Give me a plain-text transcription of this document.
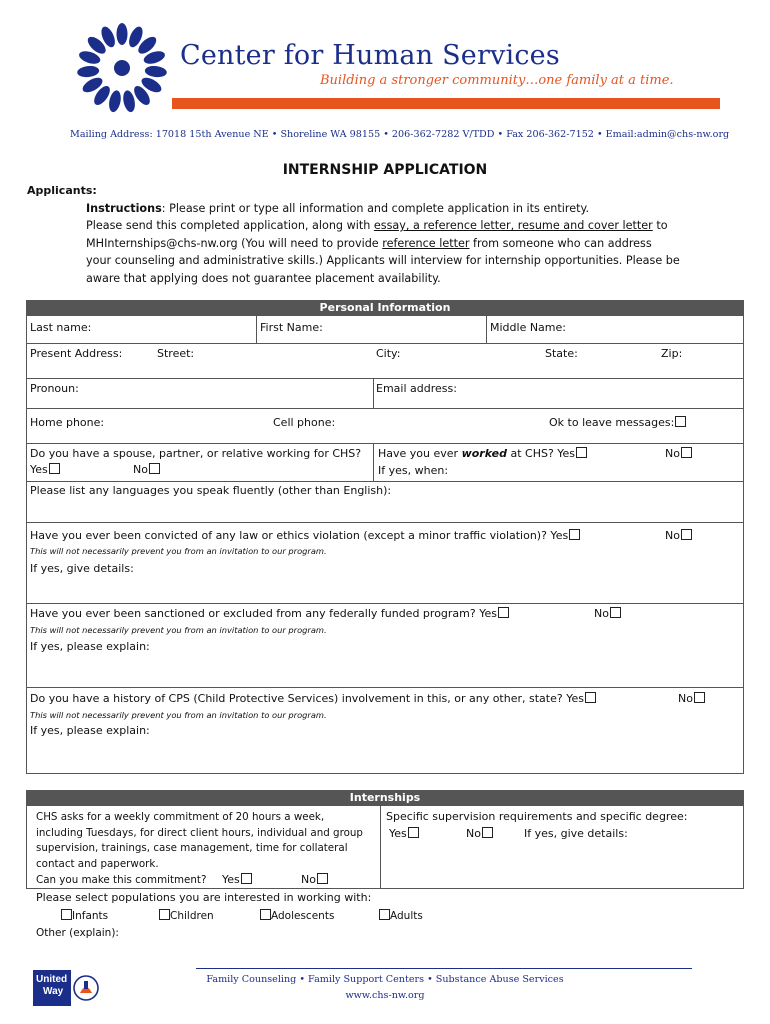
Center for Human Services
Building a stronger community…one family at a time.
Mailing Address: 17018 15th Avenue NE • Shoreline WA 98155 • 206-362-7282 V/TDD • Fax 206-362-7152 • Email:admin@chs-nw.org
INTERNSHIP APPLICATION
Applicants:
Instructions: Please print or type all information and complete application in its entirety.
Please send this completed application, along with essay, a reference letter, resume and cover letter to
MHInternships@chs-nw.org (You will need to provide reference letter from someone who can address
your counseling and administrative skills.) Applicants will interview for internship opportunities. Please be
aware that applying does not guarantee placement availability.
Personal Information
Last name:	First Name:	Middle Name:
Present Address:	Street:	City:	State:	Zip:
Pronoun:	Email address:
Home phone:	Cell phone:	Ok to leave messages:
Do you have a spouse, partner, or relative working for CHS?
Yes	No
Have you ever worked at CHS? Yes	No
If yes, when:
Please list any languages you speak fluently (other than English):
Have you ever been convicted of any law or ethics violation (except a minor traffic violation)? Yes	No
This will not necessarily prevent you from an invitation to our program.
If yes, give details:
Have you ever been sanctioned or excluded from any federally funded program? Yes	No
This will not necessarily prevent you from an invitation to our program.
If yes, please explain:
Do you have a history of CPS (Child Protective Services) involvement in this, or any other, state? Yes	No
This will not necessarily prevent you from an invitation to our program.
If yes, please explain:
Internships
CHS asks for a weekly commitment of 20 hours a week,
including Tuesdays, for direct client hours, individual and group
supervision, trainings, case management, time for collateral
contact and paperwork.
Can you make this commitment? Yes	No
Specific supervision requirements and specific degree:
Yes	No	If yes, give details:
Please select populations you are interested in working with:
Infants	Children	Adolescents	Adults
Other (explain):
United
Way
Family Counseling • Family Support Centers • Substance Abuse Services
www.chs-nw.org
